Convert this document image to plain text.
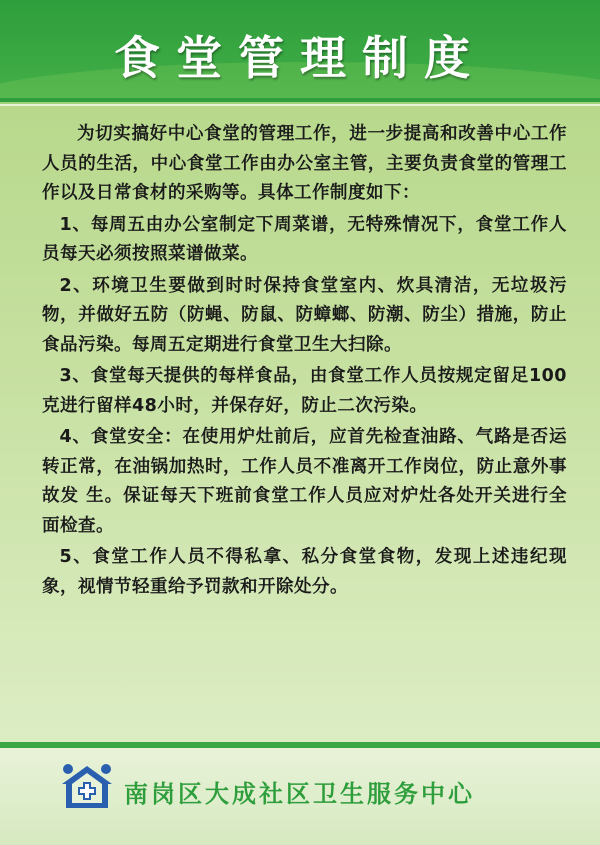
食堂管理制度

为切实搞好中心食堂的管理工作，进一步提高和改善中心工作人员的生活，中心食堂工作由办公室主管，主要负责食堂的管理工作以及日常食材的采购等。具体工作制度如下：

1、每周五由办公室制定下周菜谱，无特殊情况下，食堂工作人员每天必须按照菜谱做菜。

2、环境卫生要做到时时保持食堂室内、炊具清洁，无垃圾污物，并做好五防（防蝇、防鼠、防蟑螂、防潮、防尘）措施，防止食品污染。每周五定期进行食堂卫生大扫除。

3、食堂每天提供的每样食品，由食堂工作人员按规定留足100克进行留样48小时，并保存好，防止二次污染。

4、食堂安全：在使用炉灶前后，应首先检查油路、气路是否运转正常，在油锅加热时，工作人员不准离开工作岗位，防止意外事故发 生。保证每天下班前食堂工作人员应对炉灶各处开关进行全面检查。

5、食堂工作人员不得私拿、私分食堂食物，发现上述违纪现象，视情节轻重给予罚款和开除处分。

南岗区大成社区卫生服务中心
